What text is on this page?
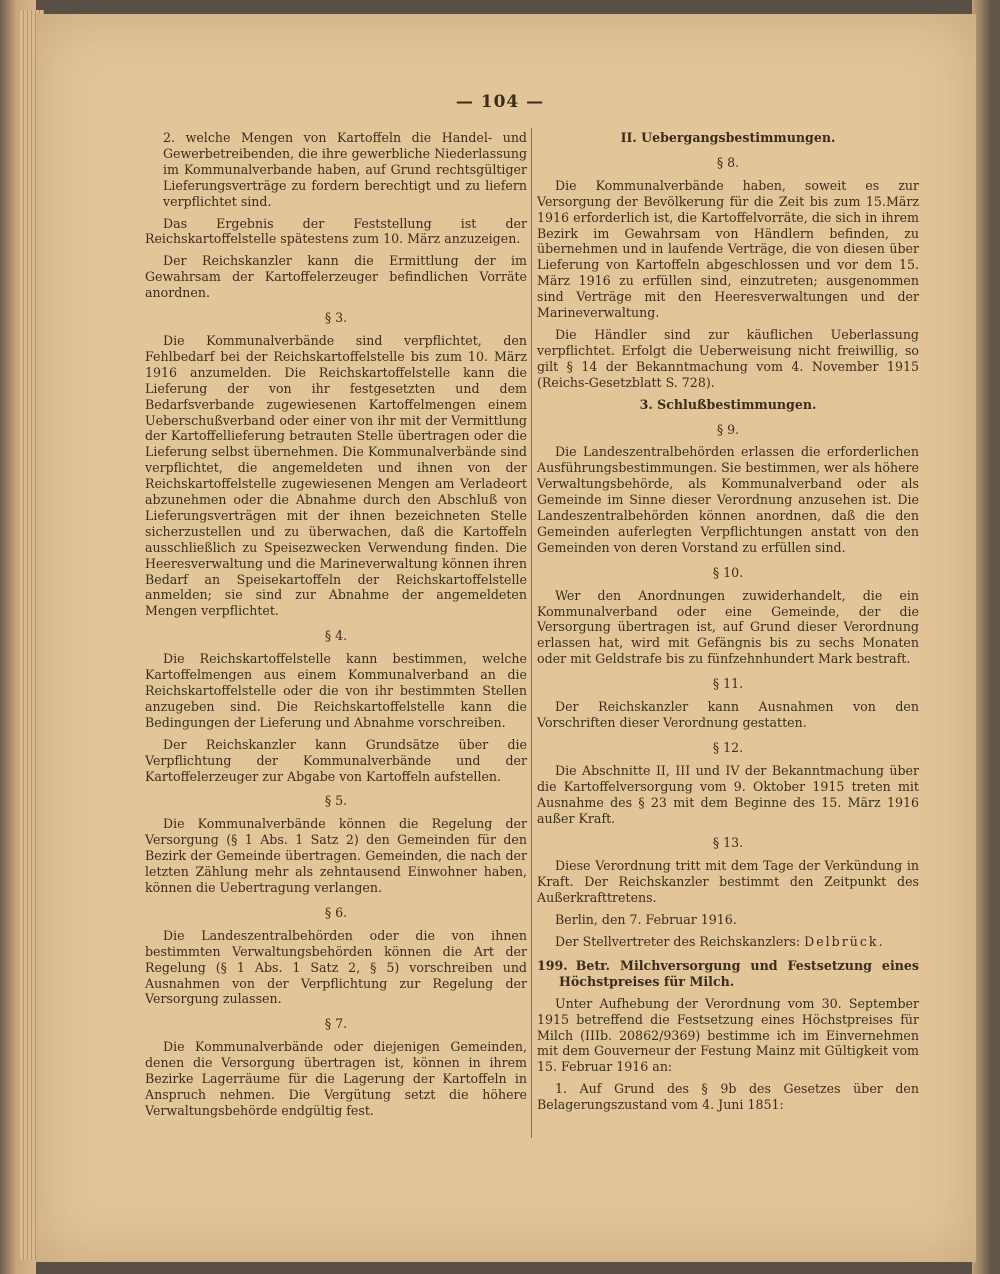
— 104 —

2. welche Mengen von Kartoffeln die Handel- und Gewerbetreibenden, die ihre gewerbliche Niederlassung im Kommunalverbande haben, auf Grund rechtsgültiger Lieferungsverträge zu fordern berechtigt und zu liefern verpflichtet sind.

Das Ergebnis der Feststellung ist der Reichskartoffelstelle spätestens zum 10. März anzuzeigen.

Der Reichskanzler kann die Ermittlung der im Gewahrsam der Kartoffelerzeuger befindlichen Vorräte anordnen.

§ 3.

Die Kommunalverbände sind verpflichtet, den Fehlbedarf bei der Reichskartoffelstelle bis zum 10. März 1916 anzumelden. Die Reichskartoffelstelle kann die Lieferung der von ihr festgesetzten und dem Bedarfsverbande zugewiesenen Kartoffelmengen einem Ueberschußverband oder einer von ihr mit der Vermittlung der Kartoffellieferung betrauten Stelle übertragen oder die Lieferung selbst übernehmen. Die Kommunalverbände sind verpflichtet, die angemeldeten und ihnen von der Reichskartoffelstelle zugewiesenen Mengen am Verladeort abzunehmen oder die Abnahme durch den Abschluß von Lieferungsverträgen mit der ihnen bezeichneten Stelle sicherzustellen und zu überwachen, daß die Kartoffeln ausschließlich zu Speisezwecken Verwendung finden. Die Heeresverwaltung und die Marineverwaltung können ihren Bedarf an Speisekartoffeln der Reichskartoffelstelle anmelden; sie sind zur Abnahme der angemeldeten Mengen verpflichtet.

§ 4.

Die Reichskartoffelstelle kann bestimmen, welche Kartoffelmengen aus einem Kommunalverband an die Reichskartoffelstelle oder die von ihr bestimmten Stellen anzugeben sind. Die Reichskartoffelstelle kann die Bedingungen der Lieferung und Abnahme vorschreiben.

Der Reichskanzler kann Grundsätze über die Verpflichtung der Kommunalverbände und der Kartoffelerzeuger zur Abgabe von Kartoffeln aufstellen.

§ 5.

Die Kommunalverbände können die Regelung der Versorgung (§ 1 Abs. 1 Satz 2) den Gemeinden für den Bezirk der Gemeinde übertragen. Gemeinden, die nach der letzten Zählung mehr als zehntausend Einwohner haben, können die Uebertragung verlangen.

§ 6.

Die Landeszentralbehörden oder die von ihnen bestimmten Verwaltungsbehörden können die Art der Regelung (§ 1 Abs. 1 Satz 2, § 5) vorschreiben und Ausnahmen von der Verpflichtung zur Regelung der Versorgung zulassen.

§ 7.

Die Kommunalverbände oder diejenigen Gemeinden, denen die Versorgung übertragen ist, können in ihrem Bezirke Lagerräume für die Lagerung der Kartoffeln in Anspruch nehmen. Die Vergütung setzt die höhere Verwaltungsbehörde endgültig fest.

II. Uebergangsbestimmungen.
§ 8.

Die Kommunalverbände haben, soweit es zur Versorgung der Bevölkerung für die Zeit bis zum 15.März 1916 erforderlich ist, die Kartoffelvorräte, die sich in ihrem Bezirk im Gewahrsam von Händlern befinden, zu übernehmen und in laufende Verträge, die von diesen über Lieferung von Kartoffeln abgeschlossen und vor dem 15. März 1916 zu erfüllen sind, einzutreten; ausgenommen sind Verträge mit den Heeresverwaltungen und der Marineverwaltung.

Die Händler sind zur käuflichen Ueberlassung verpflichtet. Erfolgt die Ueberweisung nicht freiwillig, so gilt § 14 der Bekanntmachung vom 4. November 1915 (Reichs-Gesetzblatt S. 728).

3. Schlußbestimmungen.
§ 9.

Die Landeszentralbehörden erlassen die erforderlichen Ausführungsbestimmungen. Sie bestimmen, wer als höhere Verwaltungsbehörde, als Kommunalverband oder als Gemeinde im Sinne dieser Verordnung anzusehen ist. Die Landeszentralbehörden können anordnen, daß die den Gemeinden auferlegten Verpflichtungen anstatt von den Gemeinden von deren Vorstand zu erfüllen sind.

§ 10.

Wer den Anordnungen zuwiderhandelt, die ein Kommunalverband oder eine Gemeinde, der die Versorgung übertragen ist, auf Grund dieser Verordnung erlassen hat, wird mit Gefängnis bis zu sechs Monaten oder mit Geldstrafe bis zu fünfzehnhundert Mark bestraft.

§ 11.

Der Reichskanzler kann Ausnahmen von den Vorschriften dieser Verordnung gestatten.

§ 12.

Die Abschnitte II, III und IV der Bekanntmachung über die Kartoffelversorgung vom 9. Oktober 1915 treten mit Ausnahme des § 23 mit dem Beginne des 15. März 1916 außer Kraft.

§ 13.

Diese Verordnung tritt mit dem Tage der Verkündung in Kraft. Der Reichskanzler bestimmt den Zeitpunkt des Außerkrafttretens.

Berlin, den 7. Februar 1916.

Der Stellvertreter des Reichskanzlers: Delbrück.

199. Betr. Milchversorgung und Festsetzung eines Höchstpreises für Milch.

Unter Aufhebung der Verordnung vom 30. September 1915 betreffend die Festsetzung eines Höchstpreises für Milch (IIIb. 20862/9369) bestimme ich im Einvernehmen mit dem Gouverneur der Festung Mainz mit Gültigkeit vom 15. Februar 1916 an:

1. Auf Grund des § 9b des Gesetzes über den Belagerungszustand vom 4. Juni 1851:
